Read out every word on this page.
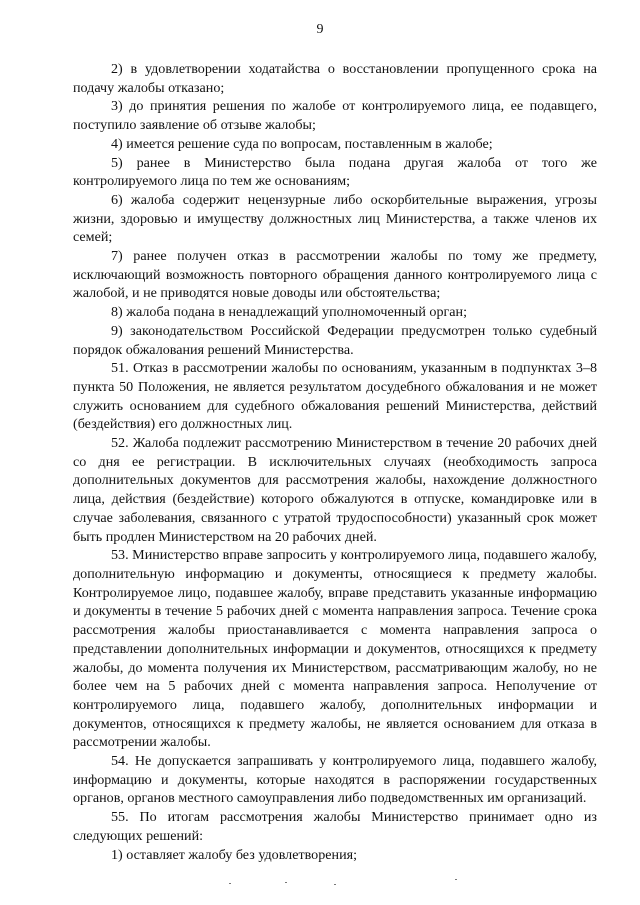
9

2) в удовлетворении ходатайства о восстановлении пропущенного срока на подачу жалобы отказано;

3) до принятия решения по жалобе от контролируемого лица, ее подавщего, поступило заявление об отзыве жалобы;

4) имеется решение суда по вопросам, поставленным в жалобе;

5) ранее в Министерство была подана другая жалоба от того же контролируемого лица по тем же основаниям;

6) жалоба содержит нецензурные либо оскорбительные выражения, угрозы жизни, здоровью и имуществу должностных лиц Министерства, а также членов их семей;

7) ранее получен отказ в рассмотрении жалобы по тому же предмету, исключающий возможность повторного обращения данного контролируемого лица с жалобой, и не приводятся новые доводы или обстоятельства;

8) жалоба подана в ненадлежащий уполномоченный орган;

9) законодательством Российской Федерации предусмотрен только судебный порядок обжалования решений Министерства.

51. Отказ в рассмотрении жалобы по основаниям, указанным в подпунктах 3–8 пункта 50 Положения, не является результатом досудебного обжалования и не может служить основанием для судебного обжалования решений Министерства, действий (бездействия) его должностных лиц.

52. Жалоба подлежит рассмотрению Министерством в течение 20 рабочих дней со дня ее регистрации. В исключительных случаях (необходимость запроса дополнительных документов для рассмотрения жалобы, нахождение должностного лица, действия (бездействие) которого обжалуются в отпуске, командировке или в случае заболевания, связанного с утратой трудоспособности) указанный срок может быть продлен Министерством на 20 рабочих дней.

53. Министерство вправе запросить у контролируемого лица, подавшего жалобу, дополнительную информацию и документы, относящиеся к предмету жалобы. Контролируемое лицо, подавшее жалобу, вправе представить указанные информацию и документы в течение 5 рабочих дней с момента направления запроса. Течение срока рассмотрения жалобы приостанавливается с момента направления запроса о представлении дополнительных информации и документов, относящихся к предмету жалобы, до момента получения их Министерством, рассматривающим жалобу, но не более чем на 5 рабочих дней с момента направления запроса. Неполучение от контролируемого лица, подавшего жалобу, дополнительных информации и документов, относящихся к предмету жалобы, не является основанием для отказа в рассмотрении жалобы.

54. Не допускается запрашивать у контролируемого лица, подавшего жалобу, информацию и документы, которые находятся в распоряжении государственных органов, органов местного самоуправления либо подведомственных им организаций.

55. По итогам рассмотрения жалобы Министерство принимает одно из следующих решений:

1) оставляет жалобу без удовлетворения;
